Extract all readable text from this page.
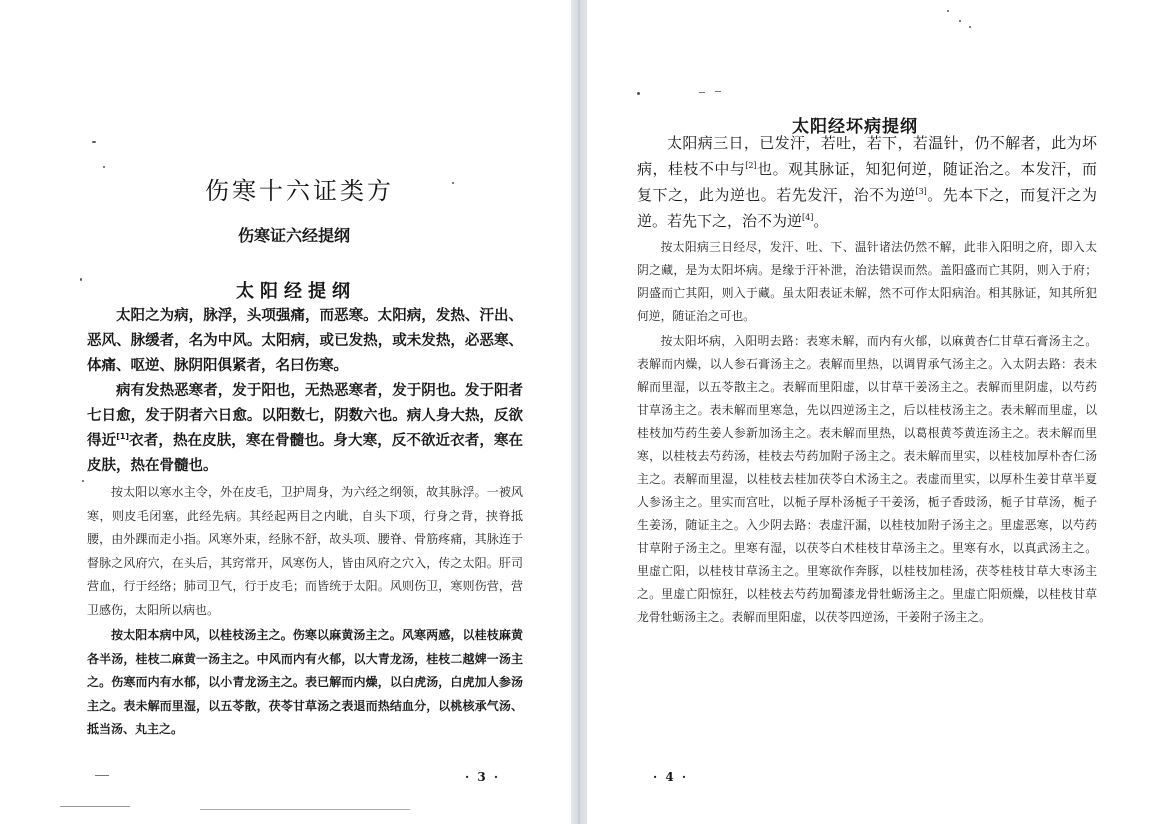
伤寒十六证类方
伤寒证六经提纲
太阳经提纲

太阳之为病，脉浮，头项强痛，而恶寒。太阳病，发热、汗出、恶风、脉缓者，名为中风。太阳病，或已发热，或未发热，必恶寒、体痛、呕逆、脉阴阳俱紧者，名曰伤寒。

病有发热恶寒者，发于阳也，无热恶寒者，发于阴也。发于阳者七日愈，发于阴者六日愈。以阳数七，阴数六也。病人身大热，反欲得近[1]衣者，热在皮肤，寒在骨髓也。身大寒，反不欲近衣者，寒在皮肤，热在骨髓也。

按太阳以寒水主令，外在皮毛，卫护周身，为六经之纲领，故其脉浮。一被风寒，则皮毛闭塞，此经先病。其经起两目之内眦，自头下项，行身之背，挟脊抵腰，由外踝而走小指。风寒外束，经脉不舒，故头项、腰脊、骨筋疼痛，其脉连于督脉之风府穴，在头后，其窍常开，风寒伤人，皆由风府之穴入，传之太阳。肝司营血，行于经络；肺司卫气，行于皮毛；而皆统于太阳。风则伤卫，寒则伤营，营卫感伤，太阳所以病也。

按太阳本病中风，以桂枝汤主之。伤寒以麻黄汤主之。风寒两感，以桂枝麻黄各半汤，桂枝二麻黄一汤主之。中风而内有火郁，以大青龙汤，桂枝二越婢一汤主之。伤寒而内有水郁，以小青龙汤主之。表已解而内燥，以白虎汤，白虎加人参汤主之。表未解而里湿，以五苓散，茯苓甘草汤之表退而热结血分，以桃核承气汤、抵当汤、丸主之。

· 3 ·
太阳经坏病提纲

太阳病三日，已发汗，若吐，若下，若温针，仍不解者，此为坏病，桂枝不中与[2]也。观其脉证，知犯何逆，随证治之。本发汗，而复下之，此为逆也。若先发汗，治不为逆[3]。先本下之，而复汗之为逆。若先下之，治不为逆[4]。

按太阳病三日经尽，发汗、吐、下、温针诸法仍然不解，此非入阳明之府，即入太阴之藏，是为太阳坏病。是缘于汗补泄，治法错误而然。盖阳盛而亡其阴，则入于府；阴盛而亡其阳，则入于藏。虽太阳表证未解，然不可作太阳病治。相其脉证，知其所犯何逆，随证治之可也。

按太阳坏病，入阳明去路：表寒未解，而内有火郁，以麻黄杏仁甘草石膏汤主之。表解而内燥，以人参石膏汤主之。表解而里热，以调胃承气汤主之。入太阴去路：表未解而里湿，以五苓散主之。表解而里阳虚，以甘草干姜汤主之。表解而里阴虚，以芍药甘草汤主之。表未解而里寒急，先以四逆汤主之，后以桂枝汤主之。表未解而里虚，以桂枝加芍药生姜人参新加汤主之。表未解而里热，以葛根黄芩黄连汤主之。表未解而里寒，以桂枝去芍药汤，桂枝去芍药加附子汤主之。表未解而里实，以桂枝加厚朴杏仁汤主之。表解而里湿，以桂枝去桂加茯苓白术汤主之。表虚而里实，以厚朴生姜甘草半夏人参汤主之。里实而宫吐，以栀子厚朴汤栀子干姜汤，栀子香豉汤，栀子甘草汤，栀子生姜汤，随证主之。入少阴去路：表虚汗漏，以桂枝加附子汤主之。里虚恶寒，以芍药甘草附子汤主之。里寒有湿，以茯苓白术桂枝甘草汤主之。里寒有水，以真武汤主之。里虚亡阳，以桂枝甘草汤主之。里寒欲作奔豚，以桂枝加桂汤，茯苓桂枝甘草大枣汤主之。里虚亡阳惊狂，以桂枝去芍药加蜀漆龙骨牡蛎汤主之。里虚亡阳烦燥，以桂枝甘草龙骨牡蛎汤主之。表解而里阳虚，以茯苓四逆汤，干姜附子汤主之。

· 4 ·
